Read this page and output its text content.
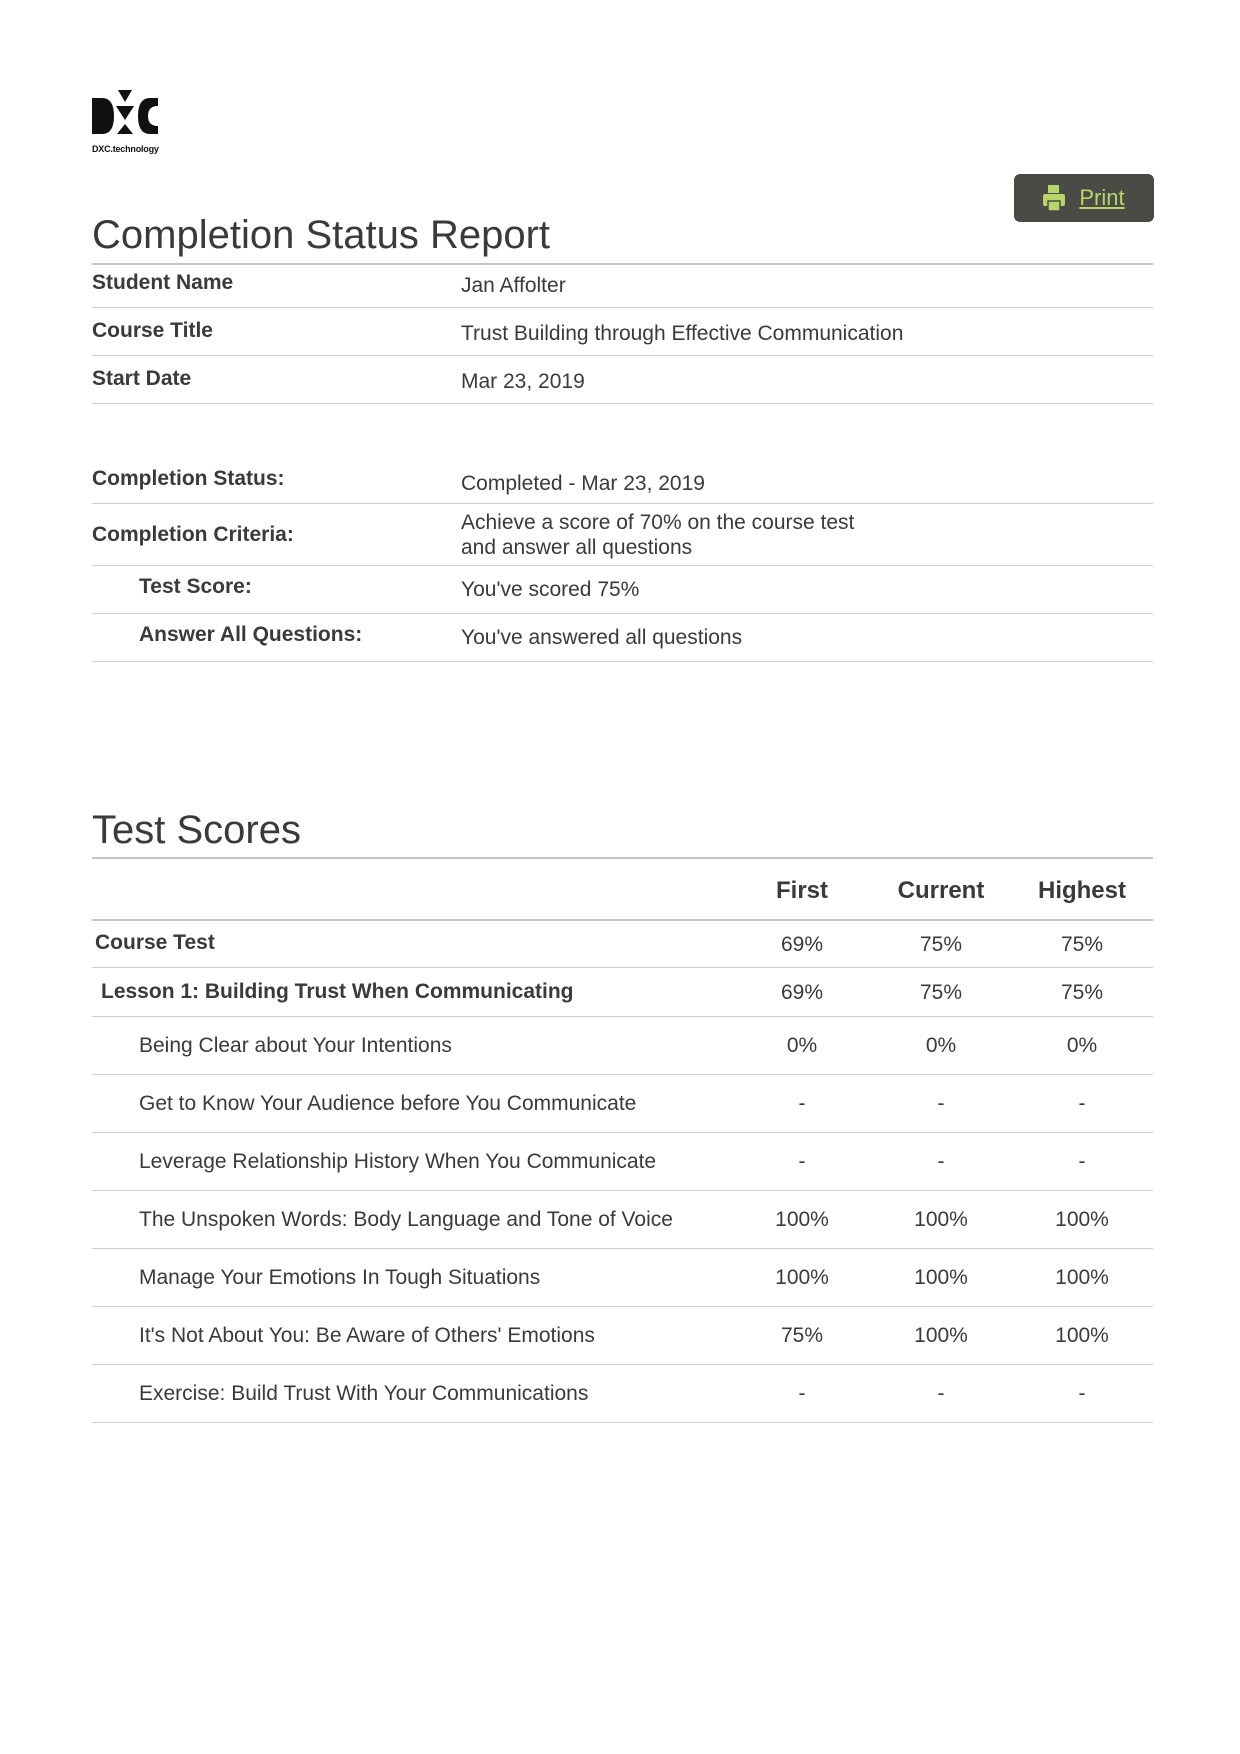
DXC.technology
Print
Completion Status Report
Student Name	Jan Affolter
Course Title	Trust Building through Effective Communication
Start Date	Mar 23, 2019
Completion Status:	Completed - Mar 23, 2019
Completion Criteria:
Achieve a score of 70% on the course test
and answer all questions
Test Score:	You've scored 75%
Answer All Questions:	You've answered all questions
Test Scores
First	Current	Highest
Course Test	69%	75%	75%
Lesson 1: Building Trust When Communicating	69%	75%	75%
Being Clear about Your Intentions	0%	0%	0%
Get to Know Your Audience before You Communicate	-	-	-
Leverage Relationship History When You Communicate	-	-	-
The Unspoken Words: Body Language and Tone of Voice	100%	100%	100%
Manage Your Emotions In Tough Situations	100%	100%	100%
It's Not About You: Be Aware of Others' Emotions	75%	100%	100%
Exercise: Build Trust With Your Communications	-	-	-
